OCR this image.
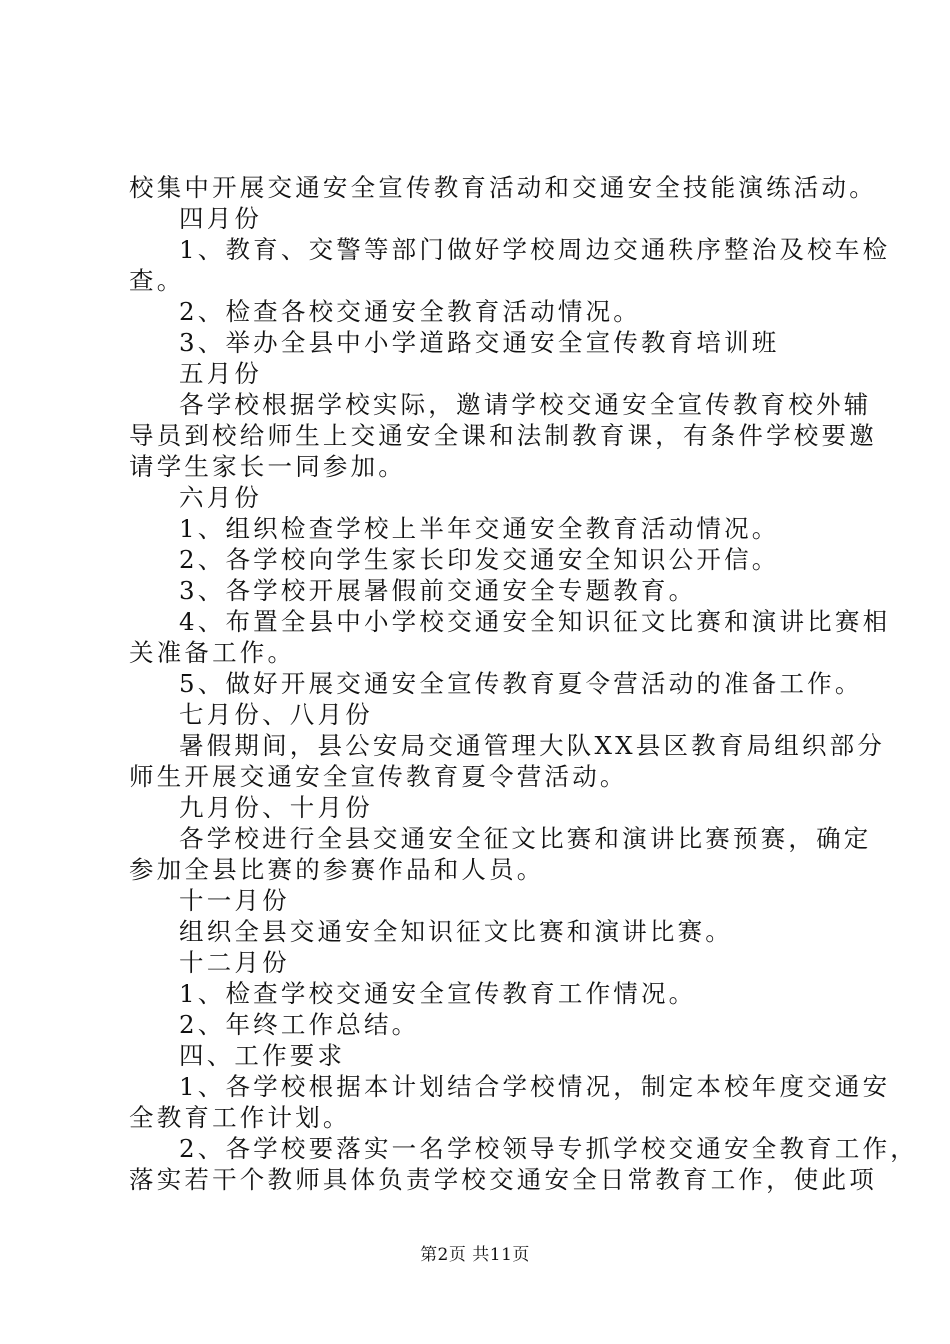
校集中开展交通安全宣传教育活动和交通安全技能演练活动。
四月份
1、教育、交警等部门做好学校周边交通秩序整治及校车检
查。
2、检查各校交通安全教育活动情况。
3、举办全县中小学道路交通安全宣传教育培训班
五月份
各学校根据学校实际，邀请学校交通安全宣传教育校外辅
导员到校给师生上交通安全课和法制教育课，有条件学校要邀
请学生家长一同参加。
六月份
1、组织检查学校上半年交通安全教育活动情况。
2、各学校向学生家长印发交通安全知识公开信。
3、各学校开展暑假前交通安全专题教育。
4、布置全县中小学校交通安全知识征文比赛和演讲比赛相
关准备工作。
5、做好开展交通安全宣传教育夏令营活动的准备工作。
七月份、八月份
暑假期间，县公安局交通管理大队XX县区教育局组织部分
师生开展交通安全宣传教育夏令营活动。
九月份、十月份
各学校进行全县交通安全征文比赛和演讲比赛预赛，确定
参加全县比赛的参赛作品和人员。
十一月份
组织全县交通安全知识征文比赛和演讲比赛。
十二月份
1、检查学校交通安全宣传教育工作情况。
2、年终工作总结。
四、工作要求
1、各学校根据本计划结合学校情况，制定本校年度交通安
全教育工作计划。
2、各学校要落实一名学校领导专抓学校交通安全教育工作，
落实若干个教师具体负责学校交通安全日常教育工作，使此项
第2页 共11页
